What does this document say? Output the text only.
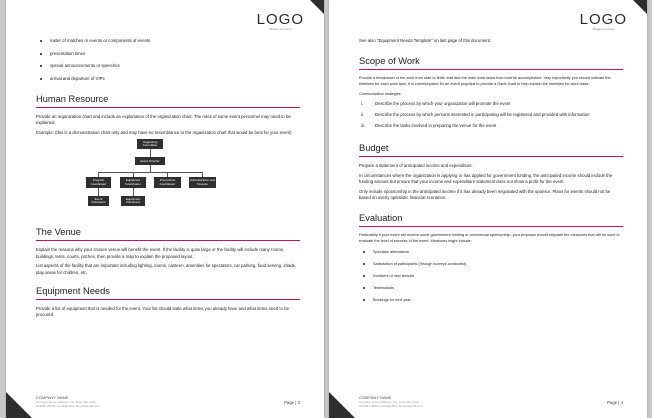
LOGO
Slogan text here
roster of matches or events or components of events
presentation times
special announcements or speeches
arrival and departure of VIPs
Human Resource

Provide an organization chart and include an explanation of the organization chart. The roles of some event personnel may need to be explained.

Example: (this is a demonstration chart only and may have no resemblance to the organization chart that would be best for your event)

Organising Committee
Event Director
Program Coordinator
Equipment Coordinator
Promotions Coordinator
Administration and Finance
Event Volunteers
Equipment Volunteers
The Venue

Explain the reasons why your chosen venue will benefit the event. If the facility is quite large or the facility will include many rooms, buildings, tents, courts, pitches, then provide a map to explain the proposed layout.

List aspects of the facility that are important including lighting, rooms, canteen, amenities for spectators, car parking, food serving, shade, play areas for children, etc.

Equipment Needs

Provide a list of equipment that is needed for the event. Your list should state what items you already have and what items need to be procured.

COMPANY NAME
company street address, city, state, Zip Code
224-867-9999 | email@office.TemplateLAB.com
Page | 3
LOGO
Slogan text here

See also "Equipment Needs Template" on last page of this document.

Scope of Work

Provide a breakdown of the work from start to finish that lists the main work tasks that must be accomplished. Very importantly you should indicate the timelines for each work task. It is commonplace for an event proposal to provide a Gantt chart to help explain the timelines for work tasks.

Communication strategies

i.	Describe the process by which your organization will promote the event
ii.	Describe the process by which persons interested in participating will be registered and provided with information
iii. Describe the tasks involved in preparing the venue for the event
Budget

Prepare a statement of anticipated income and expenditure.

In circumstances where the organization is applying or has applied for government funding, the anticipated income should include the funding amount but ensure that your income and expenditure statement does not show a profit for the event.

Only include sponsorship in the anticipated income if it has already been negotiated with the sponsor. Plans for events should not be based on overly optimistic financial scenarios.

Evaluation

Particularly if your event will receive some government funding or commercial sponsorship, your proposal should stipulate the measures that will be used to evaluate the level of success of the event. Measures might include:

Spectator attendance
Satisfaction of participants (through surveys conducted)
Numbers of new recruits
Testimonials
Bookings for next year
COMPANY NAME
company street address, city, state, Zip Code
224-867-9999 | email@office.TemplateLAB.com
Page | 4
